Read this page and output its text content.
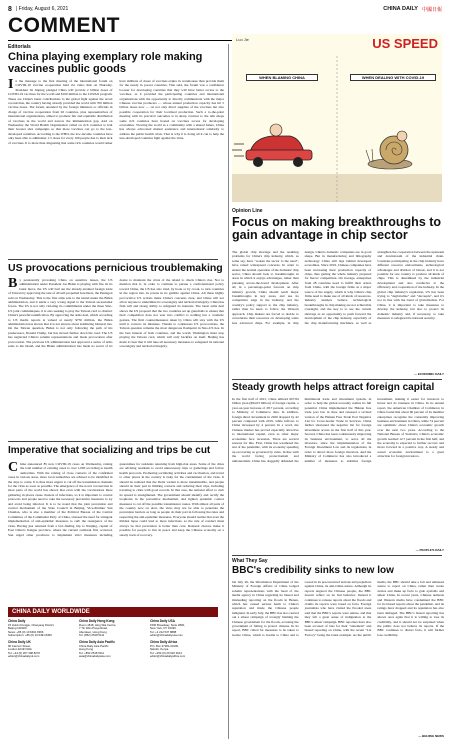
8 | Friday, August 6, 2021	CHINA DAILY 中國日報
COMMENT
Editorials
China playing exemplary role making vaccines public goods
In the message to the first meeting of the international forum on COVID-19 vaccine cooperation held via video link on Thursday, President Xi Jinping pledged China will provide 2 billion doses of COVID-19 vaccines for the world and $100 million to the COVAX program. These are China's latest contributions to the global fight against the novel coronavirus, the country having already provided the world with 700 million vaccine doses. The forum, attended by the foreign ministers or officials in charge of vaccine cooperation from 26 countries, plus representatives of international organizations, aimed to promote fair and equitable distribution of vaccines in the world and narrow the immunization gap. And on Wednesday the World Health Organization called on rich countries to halt their booster shot campaigns so that more vaccines can go to the less-developed countries. According to the WHO, the low-income countries have only been able to administer 1.5 doses for every 100 people due to their lack of vaccines. It is more than disgusting that some rich countries would rather have millions of doses of vaccines expire in warehouses than provide them for the needy in poorer countries. That said, the forum was a confidence booster for developing countries that they will have better access to the vaccines, as it provided the participating countries and international organizations with the opportunity to directly communicate with the major Chinese vaccine producers — whose annual production capacity has hit 5 billion doses now — on not only direct supplies of the vaccines but also possible cooperation for their localized production. Such a to-the-point meeting with its practical outcomes is in sharp contrast to the talk shops some rich countries have hosted on vaccines access for developing economies. Viewing the world as a community with a shared future, China has always advocated mutual assistance and international solidarity to address the public health crisis. That is why it is doing all it can to help the less-developed countries fight against the virus.
US provocations pernicious troublemaking
By persistently provoking China on sensitive issues, the US administration under President Joe Biden is playing with fire. In its latest move, the US will bail out the already-strained foreign trade of Taiwan by approving the sale of 40 self-propelled howitzers, the Pentagon said on Wednesday. This is the first arms sale to the island under the Biden administration, and it sends a very wrong signal to the Taiwan secessionist forces. The US is not only violating its commitments under the three Sino-US joint communiques, it is also seeking to play the Taiwan card to obstruct China's peaceful reunification. By approving the arms deal, which according to US media reports is valued at nearly $750 million, the Biden administration has shown that it is not sincere about stabilizing bilateral ties. On the Taiwan question, Biden is not only following the path of his predecessor, Donald Trump, but has moved further down the road. The US has neglected China's solemn representations and made provocation after provocation. The previous US administration had approved a series of arms sales to the island, and the Biden administration has made no secret of its desire to maintain the crisis of the island to check China's rise. Not to mention that it, in order to continue to pursue a confrontational policy toward China, the US has also tried, by hook or by crook, to turn countries in the region into its pawns in its gamble against China. All these highly provocative US actions make China's concerns clear, and China will not allow anyone to undermine its sovereignty and territorial integrity. China has firm will and strong ability to safeguard its interests. The latest arms deal shows the US proposal that the two countries set up guardrails to ensure that their competition does not veer into conflict is nothing but a cosmetic gesture. The firm countermeasures taken by China will stay with the US until it corrects its mistakes. Thanks to continuous US provocations, the Taiwan question remains the most dangerous flashpoint in Sino-US ties. In the best interest of both countries, and the world, Washington must stop playing the Taiwan card, which will only backfire on itself. Beijing has made it clear that it will take all necessary measures to safeguard its national sovereignty and territorial integrity.
Imperative that socializing and trips be cut
China announced 85 new COVID-19 cases on Wednesday, raising the total number of existing cases to over 1,000 according to health authorities. With the raising of close contacts of the confirmed cases in various areas, more local authorities are advised to be identified in the days to come. It is thus more urgent to cut off the transmission channels for the virus as soon as possible. The emergence of the novel coronavirus in most parts of the world has shown that even with the vaccinations three gathering in places cause clusters of infections, so it is important to control protocols and people need to take the necessary preventive measures to try and avoid being infected. It is to be noted that the joint prevention and control mechanism of the State Council in Beijing, Vice-Premier Sun Chunlan, who is also a member of the Political Bureau of the Central Committee of the Communist Party of China, stressed the need for stringent implementation of anti-epidemic measures to curb the resurgence of the virus. Having just returned from a fact-finding trip to Nanjing, capital of East China's Jiangsu province, where the current outbreak first occurred, Sun urged other provinces to implement strict measures including quarantines for residents returning from high-risk areas. Some of the cities are advising residents to avoid unnecessary trips or gatherings and follow health protocols. Promoting socializing activities and vaccination, and travel to other places in the country is risky for the containment of the virus. It should be realized that the Delta variant is more transmissible, and people should do their part in limiting contacts and reducing their trips, including traveling to cities with good records. In that case, the national effort to curb its spread is strengthened. The government should identify and rectify the loopholes in the preventive mechanism, and tighten epidemic control measures to cut off the possible transmission routes. With almost all parts of the country now on alert, the virus may not be able to penetrate the prevention barriers as long as people do their part in following the rules and respecting the anti-epidemic measures. Everyone should realize that even the mildest lapse could lead to more infections, so the rule of conduct must always be that prevention is better than cure. Rational choices make it possible for people to live in peace and keep the Chinese economy on a steady track of recovery.
CHINA DAILY WORLDWIDE
China Daily
15 Huixin Dongjie, Chaoyang District,
Beijing 100029
News: +86 (0) 10 6491 8366
Subscription: +86 (0) 10 6491 8366
China Daily Hong Kong
Room 1818, Hing Wai Centre,
7 Tin Wan Praya Road,
Aberdeen, Hong Kong
Tel: (852) 2518 5111
China Daily USA
1500 Broadway, Suite 2800,
New York, NY 10036
Tel: +1 212 537 8888
editor@chinadailyusa.com
China Daily UK
90 Cannon Street,
London EC4N 6HA
Tel: +44 (0) 207 398 8270
editor@chinadailyuk.com
China Daily Asia Pacific
China Daily Asia Pacific
Hong Kong
Tel: +852 2518 5111
asia@chinadailyasia.com
China Daily Africa
P.O. Box 27281-00100,
Nairobi, Kenya
Tel: +254 (0) 20 522 2614
editor@chinadailyafrica.com
Luo Jie	US SPEED
WHEN BLAMING CHINA	WHEN DEALING WITH COVID-19
Opinion Line
Focus on making breakthroughs to gain advantage in chip sector
The global chip shortage and the resulting problems for China's chip industry, which, as some say, have "woken the sector to the need", have raised widespread concerns. In order to ensure the normal operation of the domestic chip sector, China should look to breakthroughs in areas in which it enjoys advantages, rather than pursuing across-the-board development. After all, in a percentage-point forecast on chip industry growth, China should reach major breakthroughs in key areas, and use its competitive edge in the industry, and the country's policy support to the chip industry, rather than be keen to follow the Western approach. Chip makers are forced to decide to concentrate their resources on developing some less advanced chips. For example, in chip design, China's domestic companies are in good shape. But in manufacturing and lithography technology China still lags behind developed economies. Since 2019, Chinese companies have been increasing their production capacity of chips, thus getting the whole industry prepared for fiercer competition. On average, enterprises from 28 countries need to fulfill their orders from China, with the foreign firms as a major source of the supply, which is why China's chip firms need to make use of all kinds of resources. Industry insiders believe technological breakthroughs in chip making are not achievable overnight, and the key is to see the current shortage as an opportunity to push forward the development of the chip industry, especially of the chip manufacturing machines, as well as strengthen the cooperation between the upstream and downstream of the industrial chain. Countries participating in the chip industry have different resource endowments, technological advantages and division of labour, and it is not possible for one country to produce all kinds of chips. This is determined by the industrial development and also conducive to the efficiency and cooperation of the industry. In the global chip industry's regulation, US has been trying to "deglobalize" and "decouple", and it's not in line with the trend of globalization. For China, it is important to take measures to develop the industry, but also to protect its domestic industry and, if necessary, to take measures to safeguard its national security.
— ECONOMIC DAILY
Steady growth helps attract foreign capital
In the first half of 2021, China utilized 607.84 billion yuan ($94.03 billion) of foreign capital, a year-on-year increase of 28.7 percent, according to Ministry of Commerce data. In addition, foreign direct investment in 2020 dropped by 42 percent compared with 2019, while inflows to China increased by 4 percent. In a word, the Chinese market has proved especially attractive to international capital, even as other major economies face recession. There are several reasons for this. First, China has weathered the test of the pandemic, with its economy speeding up recovering as governed by rules. In line with the world facing protectionism and unilateralism, China has doggedly defended the multilateral trade and investment system, in order to help the global economy realize its full potential. China implemented the Hainan free trade port law in June and released a revised version of the Hainan Free Trade Port Negative List for Cross-border Trade in Services. China further shortened the negative list for foreign investment access in the first half of this year. Second, China has been continuously improving its business environment, to serve all the investors, since the implementation of the Foreign Investment Law and its regulations, in order to attract more foreign investors. And the Ministry of Commerce has also introduced a number of measures to stabilize foreign investment, making it easier for investors to invest and do business in China. In its annual report, the American Chamber of Commerce in China found that about 60 percent of its member enterprises recognize the constantly improving business environment in China, while 74 percent are optimistic about China's economic growth over the next two years. According to the National Bureau of Statistics, China's economic growth reached 12.7 percent in the first half, and the economy is expected to further recover and move forward in a positive way. A steady and sound economic environment is a great attraction for foreign investors.
— PEOPLE'S DAILY
What They Say
BBC's credibility sinks to new low
On July 26, the Information Department of the Ministry of Foreign Affairs of China lodged solemn representations with the head of the media agency in China regarding its biased and misleading reporting on the floods in Henan, which has caused serious harm to China's reputation and made the Chinese people indignant. In early July, the BBC has also carried out a smear campaign of wrongly blaming the Chinese government for the floods, accusing the government of failing to protect citizens. In its report, BBC called for measures to be taken to isolate China, which is hostile to China and is rooted in its preconceived notions and prejudices against China, its anti-China stance. Although its reports angered the Chinese people, the BBC doesn't reflect on its bad behavior. Instead it continues to release reports about the floods and claims its reports were based on facts. Foreign journalists who have visited the flooded areas said that the BBC's reports were untrue, and that they felt a great sense of indignation at the BBC's smear campaign. BBC reporters have also been accused of bias for their "statement" and biased reporting on China, with the recent "Lie Factory" being the latest example. As the public media, the BBC should take a fair and unbiased stance to report on China, rather than create stories and make up facts to grab eyeballs and smear China. In recent years, Chinese netizens and Western media have condemned the BBC for its biased reports about the pandemic, and its ratings have dropped and its reputation has also been damaged. The BBC's biased reporting has shown once again that it is willing to lose its credibility, and it should not be surprised when the public does not believe its reports. If the BBC continues to distort facts, it will further lose credibility.
— BEIJING NEWS
